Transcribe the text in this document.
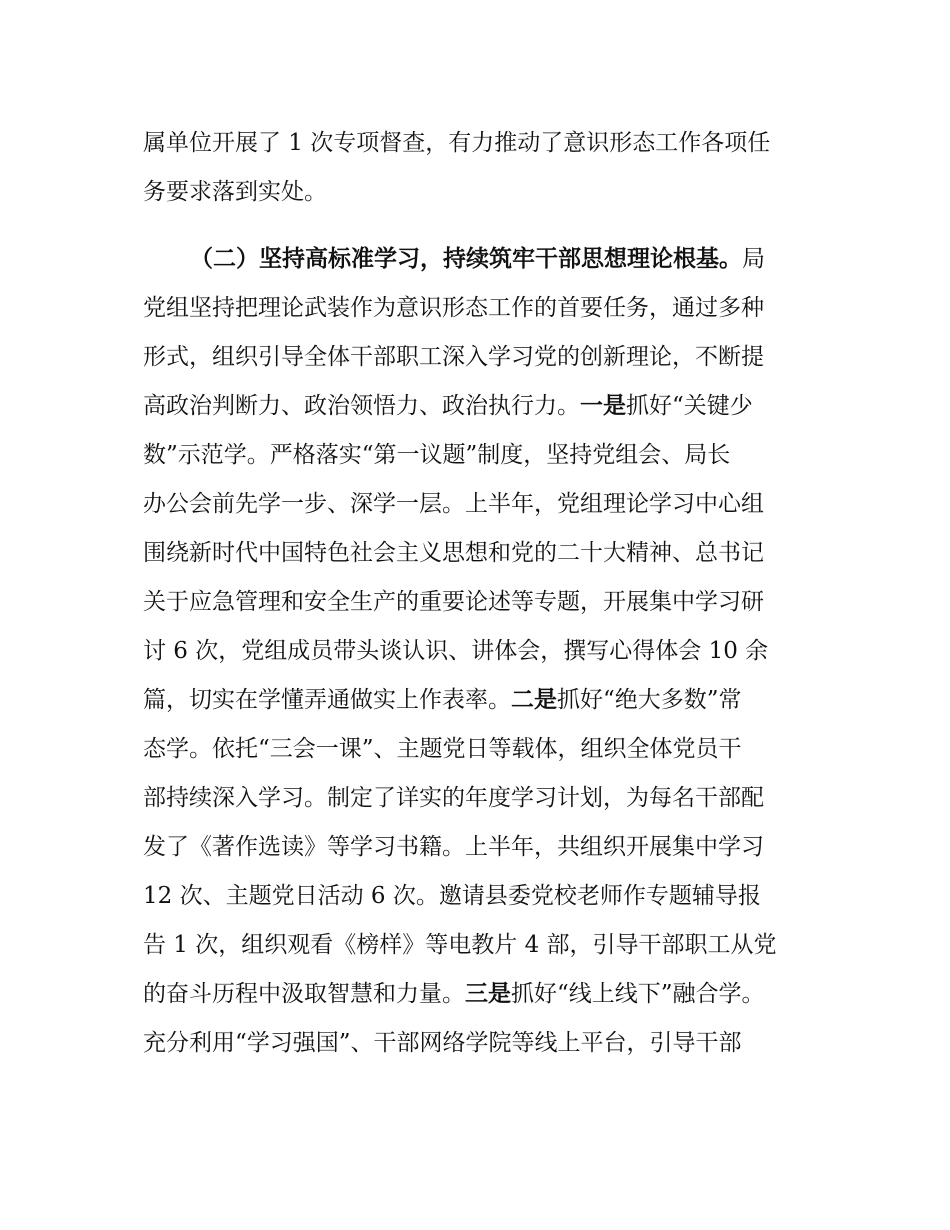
属单位开展了 1 次专项督查，有力推动了意识形态工作各项任
务要求落到实处。
（二）坚持高标准学习，持续筑牢干部思想理论根基。局
党组坚持把理论武装作为意识形态工作的首要任务，通过多种
形式，组织引导全体干部职工深入学习党的创新理论，不断提
高政治判断力、政治领悟力、政治执行力。一是抓好“关键少
数”示范学。严格落实“第一议题”制度，坚持党组会、局长
办公会前先学一步、深学一层。上半年，党组理论学习中心组
围绕新时代中国特色社会主义思想和党的二十大精神、总书记
关于应急管理和安全生产的重要论述等专题，开展集中学习研
讨 6 次，党组成员带头谈认识、讲体会，撰写心得体会 10 余
篇，切实在学懂弄通做实上作表率。二是抓好“绝大多数”常
态学。依托“三会一课”、主题党日等载体，组织全体党员干
部持续深入学习。制定了详实的年度学习计划，为每名干部配
发了《著作选读》等学习书籍。上半年，共组织开展集中学习
12 次、主题党日活动 6 次。邀请县委党校老师作专题辅导报
告 1 次，组织观看《榜样》等电教片 4 部，引导干部职工从党
的奋斗历程中汲取智慧和力量。三是抓好“线上线下”融合学。
充分利用“学习强国”、干部网络学院等线上平台，引导干部
